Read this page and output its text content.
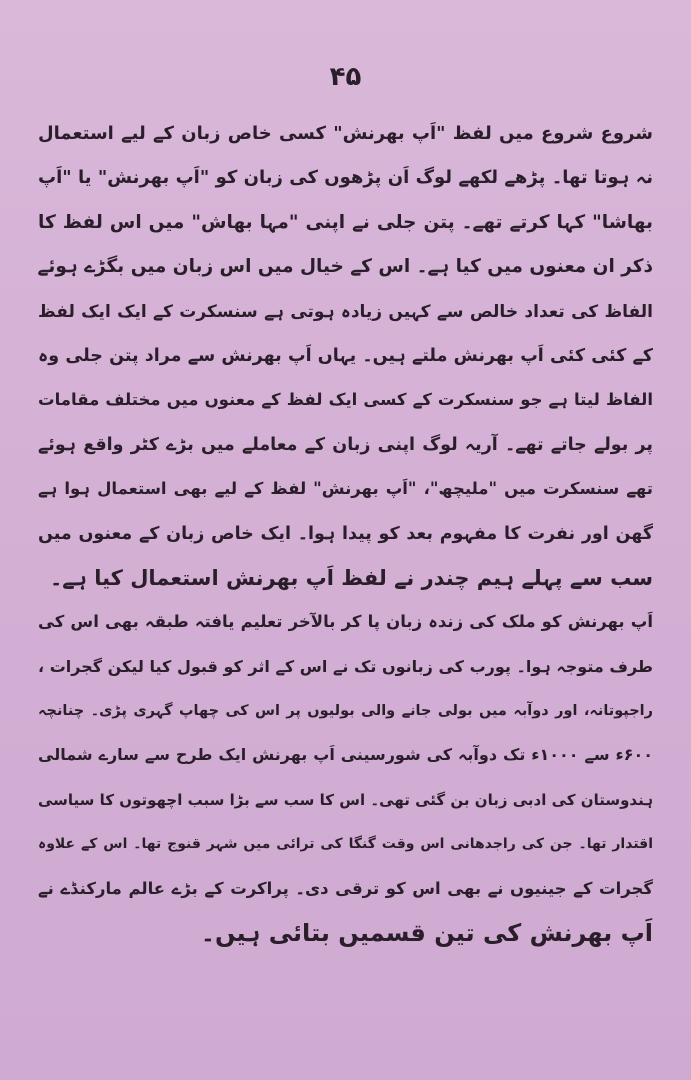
۴۵
شروع شروع میں لفظ "اَپ بھرنش" کسی خاص زبان کے لیے استعمال
نہ ہوتا تھا۔ پڑھے لکھے لوگ اَن پڑھوں کی زبان کو "اَپ بھرنش" یا "اَپ
بھاشا" کہا کرتے تھے۔ پتن جلی نے اپنی "مہا بھاش" میں اس لفظ کا
ذکر ان معنوں میں کیا ہے۔ اس کے خیال میں اس زبان میں بگڑے ہوئے
الفاظ کی تعداد خالص سے کہیں زیادہ ہوتی ہے سنسکرت کے ایک ایک لفظ
کے کئی کئی اَپ بھرنش ملتے ہیں۔ یہاں اَپ بھرنش سے مراد پتن جلی وہ
الفاظ لیتا ہے جو سنسکرت کے کسی ایک لفظ کے معنوں میں مختلف مقامات
پر بولے جاتے تھے۔ آریہ لوگ اپنی زبان کے معاملے میں بڑے کٹر واقع ہوئے
تھے سنسکرت میں "ملیچھ"، "اَپ بھرنش" لفظ کے لیے بھی استعمال ہوا ہے
گھن اور نفرت کا مفہوم بعد کو پیدا ہوا۔ ایک خاص زبان کے معنوں میں
سب سے پہلے ہیم چندر نے لفظ اَپ بھرنش استعمال کیا ہے۔
اَپ بھرنش کو ملک کی زندہ زبان پا کر بالآخر تعلیم یافتہ طبقہ بھی اس کی
طرف متوجہ ہوا۔ پورب کی زبانوں تک نے اس کے اثر کو قبول کیا لیکن گجرات ،
راجپوتانہ، اور دوآبہ میں بولی جانے والی بولیوں پر اس کی چھاپ گہری پڑی۔ چنانچہ
۶۰۰ء سے ۱۰۰۰ء تک دوآبہ کی شورسینی اَپ بھرنش ایک طرح سے سارے شمالی
ہندوستان کی ادبی زبان بن گئی تھی۔ اس کا سب سے بڑا سبب اچھوتوں کا سیاسی
اقتدار تھا۔ جن کی راجدھانی اس وقت گنگا کی ترائی میں شہر قنوج تھا۔ اس کے علاوہ
گجرات کے جینیوں نے بھی اس کو ترقی دی۔ پراکرت کے بڑے عالم مارکنڈے نے
اَپ بھرنش کی تین قسمیں بتائی ہیں۔
